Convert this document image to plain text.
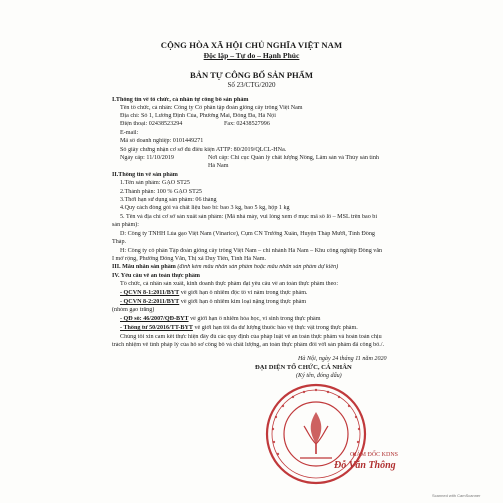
CỘNG HÒA XÃ HỘI CHỦ NGHĨA VIỆT NAM
Độc lập – Tự do – Hạnh Phúc
BẢN TỰ CÔNG BỐ SẢN PHẨM
Số 23/CTG/2020
I.Thông tin về tổ chức, cá nhân tự công bố sản phẩm
Tên tổ chức, cá nhân: Công ty Cổ phần tập đoàn giống cây trồng Việt Nam
Địa chỉ: Số 1, Lương Định Của, Phương Mai, Đống Đa, Hà Nội
Điện thoại: 02438523294	Fax: 02438527996
E-mail:
Mã số doanh nghiệp: 0101449271
Số giấy chứng nhận cơ sở đủ điều kiện ATTP: 80/2019/QLCL-HNa.
Ngày cấp: 11/10/2019	Nơi cấp: Chi cục Quản lý chất lượng Nông, Lâm sản và Thủy sản tỉnh
Hà Nam
II.Thông tin về sản phẩm
1.Tên sản phẩm: GẠO ST25
2.Thành phần: 100 % GẠO ST25
3.Thời hạn sử dụng sản phẩm: 06 tháng
4.Quy cách đóng gói và chất liệu bao bì: bao 3 kg, bao 5 kg, hộp 1 kg
5. Tên và địa chỉ cơ sở sản xuất sản phẩm: (Mã nhà máy, vui lòng xem ở mục mã số lô – MSL trên bao bì
sản phẩm):
D: Công ty TNHH Lúa gạo Việt Nam (Vinarice), Cụm CN Trường Xuân, Huyện Tháp Mười, Tỉnh Đồng
Tháp.
H: Công ty cổ phần Tập đoàn giống cây trồng Việt Nam – chi nhánh Hà Nam – Khu công nghiệp Đồng văn
I mở rộng, Phường Đồng Văn, Thị xã Duy Tiên, Tỉnh Hà Nam.
III. Mẫu nhãn sản phẩm (đính kèm mẫu nhãn sản phẩm hoặc mẫu nhãn sản phẩm dự kiến)
IV. Yêu cầu về an toàn thực phẩm
Tổ chức, cá nhân sản xuất, kinh doanh thực phẩm đạt yêu cầu về an toàn thực phẩm theo:
- QCVN 8-1:2011/BYT về giới hạn ô nhiễm độc tố vi nấm trong thực phẩm.
- QCVN 8-2:2011/BYT về giới hạn ô nhiễm kim loại nặng trong thực phẩm
(nhóm gạo trắng)
- QĐ số: 46/2007/QĐ-BYT về giới hạn ô nhiễm hóa học, vi sinh trong thực phẩm
- Thông tư 50/2016/TT-BYT về giới hạn tối đa dư lượng thuốc bảo vệ thực vật trong thực phẩm.
Chúng tôi xin cam kết thực hiện đầy đủ các quy định của pháp luật về an toàn thực phẩm và hoàn toàn chịu
trách nhiệm về tính pháp lý của hồ sơ công bố và chất lượng, an toàn thực phẩm đối với sản phẩm đã công bố./.
Hà Nội, ngày 24 tháng 11 năm 2020
ĐẠI DIỆN TỔ CHỨC, CÁ NHÂN
(Ký tên, đóng dấu)
GIÁM ĐỐC KDNS
Đỗ Văn Thông
Scanned with CamScanner
